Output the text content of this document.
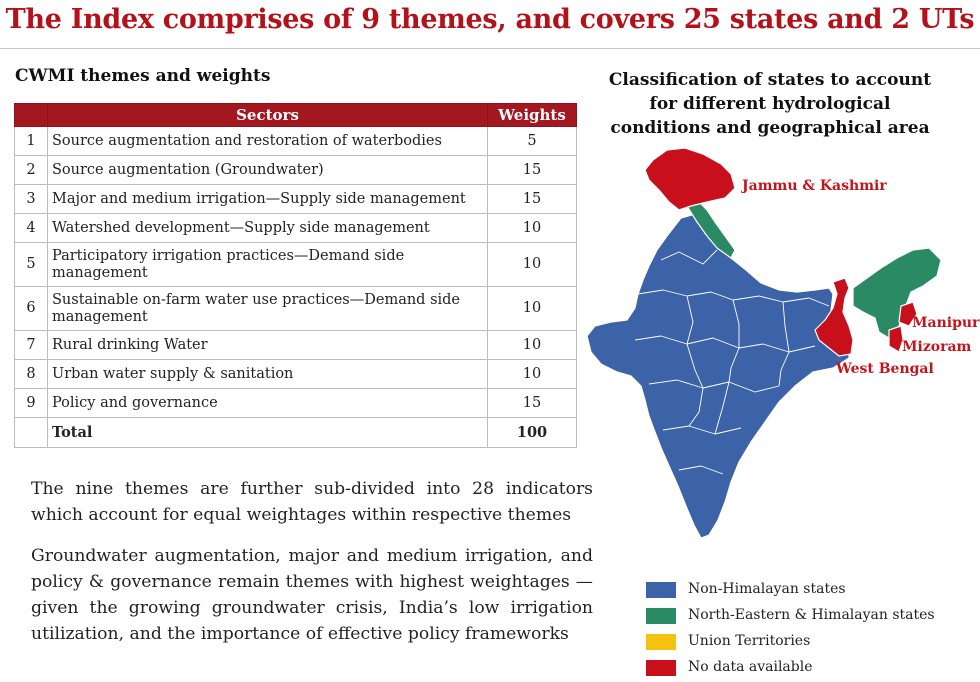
The Index comprises of 9 themes, and covers 25 states and 2 UTs
CWMI themes and weights
	Sectors	Weights
1	Source augmentation and restoration of waterbodies	5
2	Source augmentation (Groundwater)	15
3	Major and medium irrigation—Supply side management	15
4	Watershed development—Supply side management	10
5	Participatory irrigation practices—Demand side management	10
6	Sustainable on-farm water use practices—Demand side management	10
7	Rural drinking Water	10
8	Urban water supply & sanitation	10
9	Policy and governance	15
	Total	100
The nine themes are further sub-divided into 28 indicators which account for equal weightages within respective themes
Groundwater augmentation, major and medium irrigation, and policy & governance remain themes with highest weightages — given the growing groundwater crisis, India’s low irrigation utilization, and the importance of effective policy frameworks
Classification of states to account for different hydrological conditions and geographical area
Jammu & Kashmir
Manipur
Mizoram
West Bengal
Non-Himalayan states
North-Eastern & Himalayan states
Union Territories
No data available
